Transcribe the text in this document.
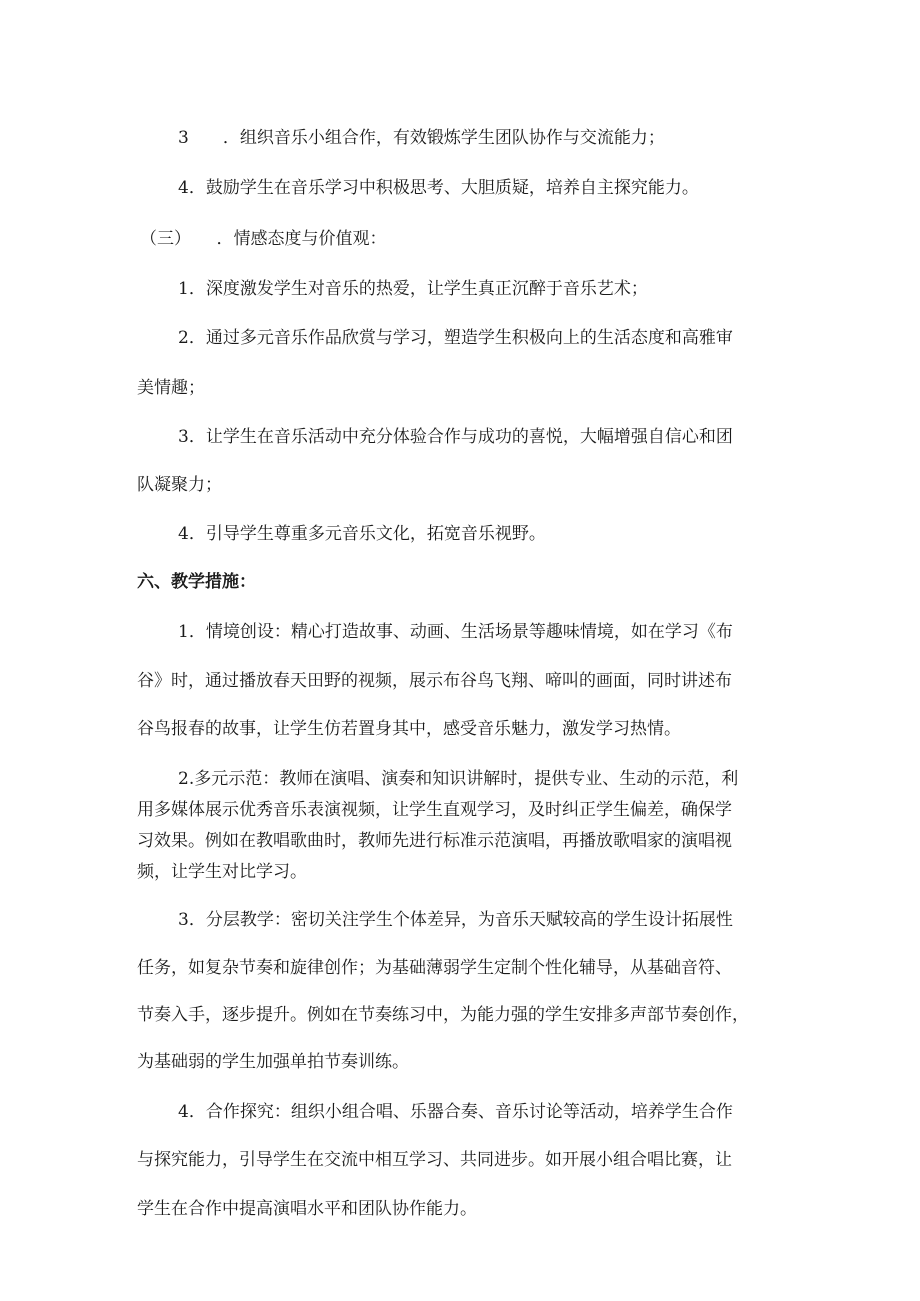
3　　．组织音乐小组合作，有效锻炼学生团队协作与交流能力；

4．鼓励学生在音乐学习中积极思考、大胆质疑，培养自主探究能力。

（三）　　．情感态度与价值观：

1．深度激发学生对音乐的热爱，让学生真正沉醉于音乐艺术；

2．通过多元音乐作品欣赏与学习，塑造学生积极向上的生活态度和高雅审

美情趣；

3．让学生在音乐活动中充分体验合作与成功的喜悦，大幅增强自信心和团

队凝聚力；

4．引导学生尊重多元音乐文化，拓宽音乐视野。

六、教学措施：

1．情境创设：精心打造故事、动画、生活场景等趣味情境，如在学习《布

谷》时，通过播放春天田野的视频，展示布谷鸟飞翔、啼叫的画面，同时讲述布

谷鸟报春的故事，让学生仿若置身其中，感受音乐魅力，激发学习热情。

2.多元示范：教师在演唱、演奏和知识讲解时，提供专业、生动的示范，利

用多媒体展示优秀音乐表演视频，让学生直观学习，及时纠正学生偏差，确保学

习效果。例如在教唱歌曲时，教师先进行标准示范演唱，再播放歌唱家的演唱视

频，让学生对比学习。

3．分层教学：密切关注学生个体差异，为音乐天赋较高的学生设计拓展性

任务，如复杂节奏和旋律创作；为基础薄弱学生定制个性化辅导，从基础音符、

节奏入手，逐步提升。例如在节奏练习中，为能力强的学生安排多声部节奏创作，

为基础弱的学生加强单拍节奏训练。

4．合作探究：组织小组合唱、乐器合奏、音乐讨论等活动，培养学生合作

与探究能力，引导学生在交流中相互学习、共同进步。如开展小组合唱比赛，让

学生在合作中提高演唱水平和团队协作能力。
